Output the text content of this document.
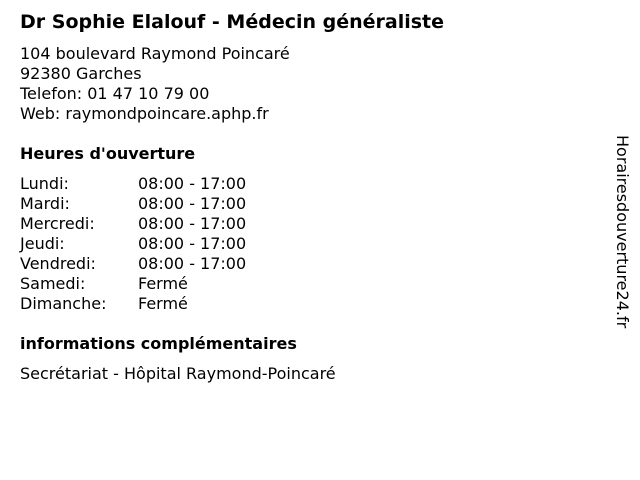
Dr Sophie Elalouf - Médecin généraliste
104 boulevard Raymond Poincaré
92380 Garches
Telefon: 01 47 10 79 00
Web: raymondpoincare.aphp.fr
Heures d'ouverture
Lundi:	08:00 - 17:00
Mardi:	08:00 - 17:00
Mercredi:	08:00 - 17:00
Jeudi:	08:00 - 17:00
Vendredi:	08:00 - 17:00
Samedi:	Fermé
Dimanche:	Fermé
informations complémentaires
Secrétariat - Hôpital Raymond-Poincaré
Horairesdouverture24.fr
